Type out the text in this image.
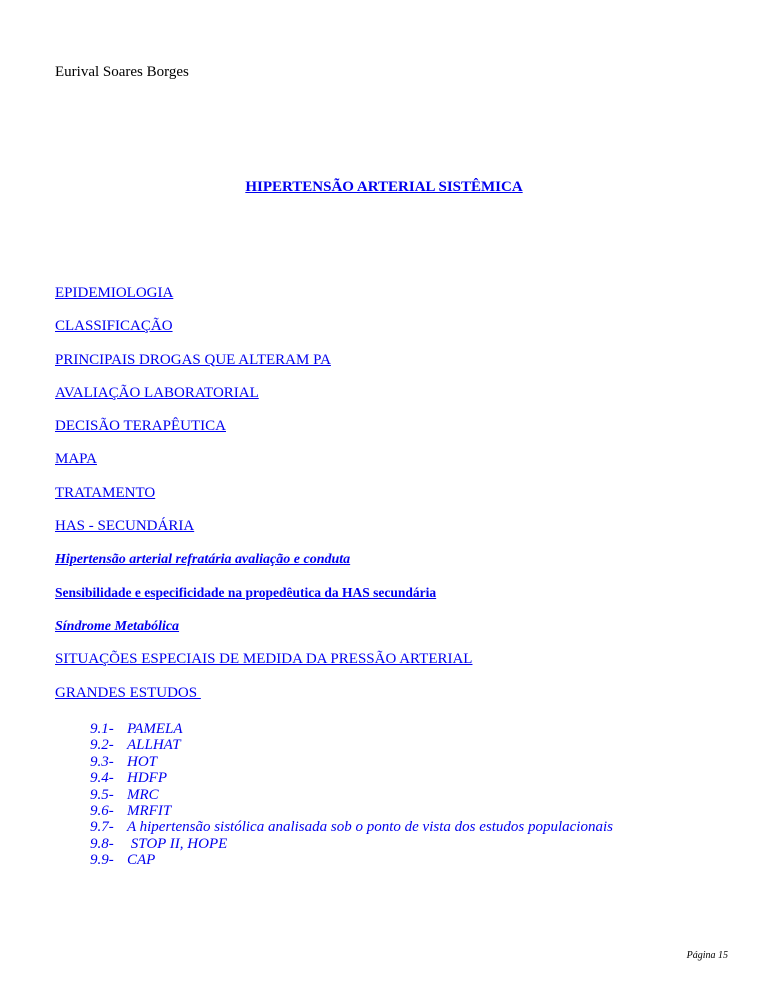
Eurival Soares Borges
HIPERTENSÃO ARTERIAL SISTÊMICA
EPIDEMIOLOGIA
CLASSIFICAÇÃO
PRINCIPAIS DROGAS QUE ALTERAM PA
AVALIAÇÃO LABORATORIAL
DECISÃO TERAPÊUTICA
MAPA
TRATAMENTO
HAS - SECUNDÁRIA
Hipertensão arterial refratária avaliação e conduta
Sensibilidade e especificidade na propedêutica da HAS secundária
Síndrome Metabólica
SITUAÇÕES ESPECIAIS DE MEDIDA DA PRESSÃO ARTERIAL
GRANDES ESTUDOS
9.1- PAMELA
9.2- ALLHAT
9.3- HOT
9.4- HDFP
9.5- MRC
9.6- MRFIT
9.7- A hipertensão sistólica analisada sob o ponto de vista dos estudos populacionais
9.8- STOP II, HOPE
9.9- CAP
Página 15
